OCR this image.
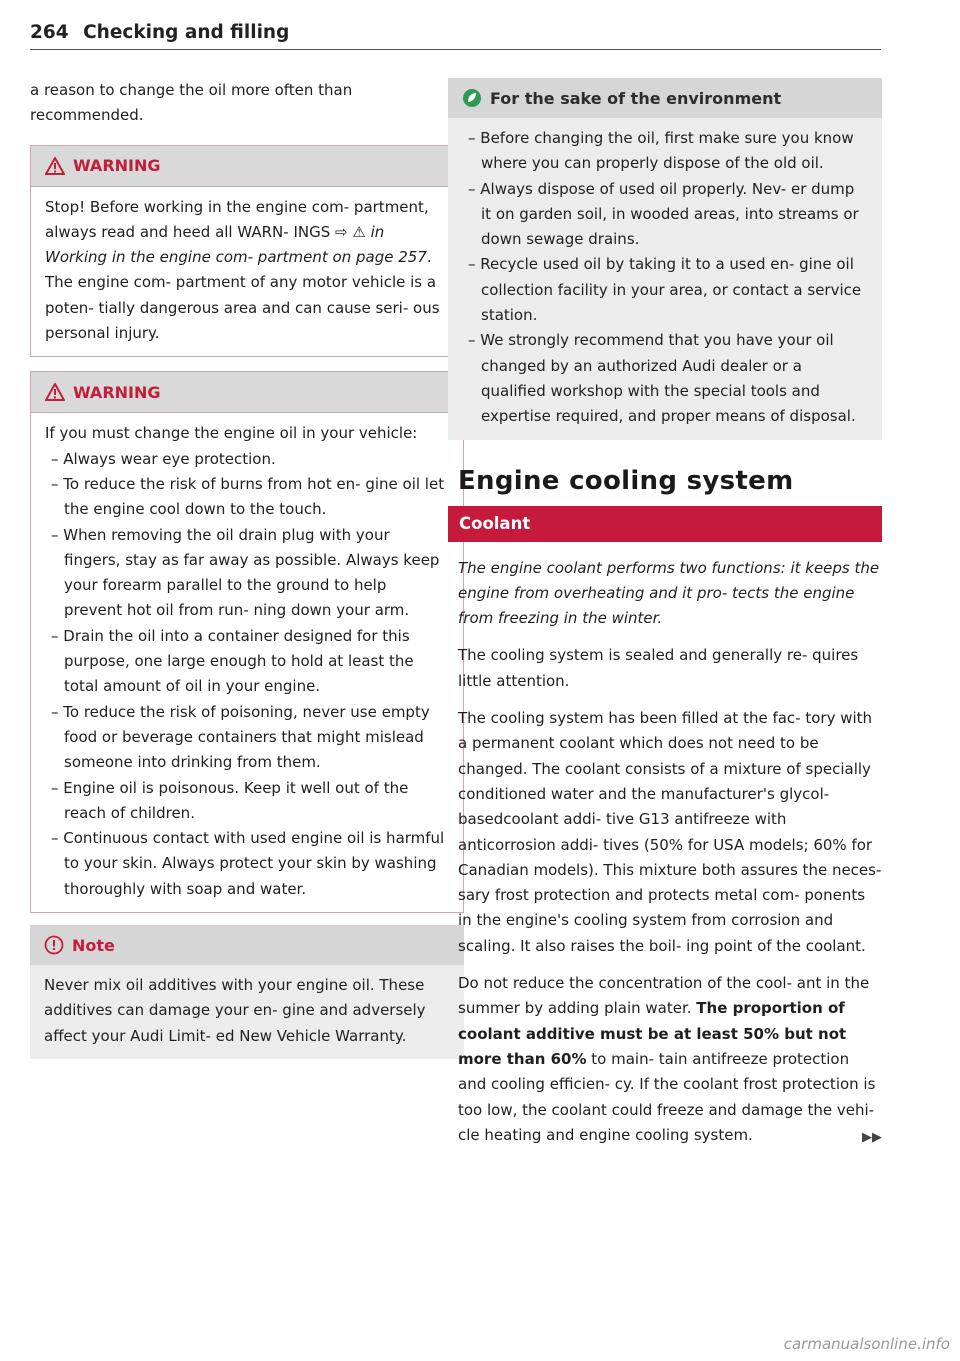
264 Checking and filling

a reason to change the oil more often than recommended.

WARNING

Stop! Before working in the engine com- partment, always read and heed all WARN- INGS ⇨ ⚠ in Working in the engine com- partment on page 257. The engine com- partment of any motor vehicle is a poten- tially dangerous area and can cause seri- ous personal injury.

WARNING

If you must change the engine oil in your vehicle:

– Always wear eye protection.
– To reduce the risk of burns from hot en- gine oil let the engine cool down to the touch.
– When removing the oil drain plug with your fingers, stay as far away as possible. Always keep your forearm parallel to the ground to help prevent hot oil from run- ning down your arm.
– Drain the oil into a container designed for this purpose, one large enough to hold at least the total amount of oil in your engine.
– To reduce the risk of poisoning, never use empty food or beverage containers that might mislead someone into drinking from them.
– Engine oil is poisonous. Keep it well out of the reach of children.
– Continuous contact with used engine oil is harmful to your skin. Always protect your skin by washing thoroughly with soap and water.
Note

Never mix oil additives with your engine oil. These additives can damage your en- gine and adversely affect your Audi Limit- ed New Vehicle Warranty.

For the sake of the environment
– Before changing the oil, first make sure you know where you can properly dispose of the old oil.
– Always dispose of used oil properly. Nev- er dump it on garden soil, in wooded areas, into streams or down sewage drains.
– Recycle used oil by taking it to a used en- gine oil collection facility in your area, or contact a service station.
– We strongly recommend that you have your oil changed by an authorized Audi dealer or a qualified workshop with the special tools and expertise required, and proper means of disposal.
Engine cooling system
Coolant

The engine coolant performs two functions: it keeps the engine from overheating and it pro- tects the engine from freezing in the winter.

The cooling system is sealed and generally re- quires little attention.

The cooling system has been filled at the fac- tory with a permanent coolant which does not need to be changed. The coolant consists of a mixture of specially conditioned water and the manufacturer's glycol-basedcoolant addi- tive G13 antifreeze with anticorrosion addi- tives (50% for USA models; 60% for Canadian models). This mixture both assures the neces- sary frost protection and protects metal com- ponents in the engine's cooling system from corrosion and scaling. It also raises the boil- ing point of the coolant.

Do not reduce the concentration of the cool- ant in the summer by adding plain water. The proportion of coolant additive must be at least 50% but not more than 60% to main- tain antifreeze protection and cooling efficien- cy. If the coolant frost protection is too low, the coolant could freeze and damage the vehi- cle heating and engine cooling system.	▶▶

carmanualsonline.info
